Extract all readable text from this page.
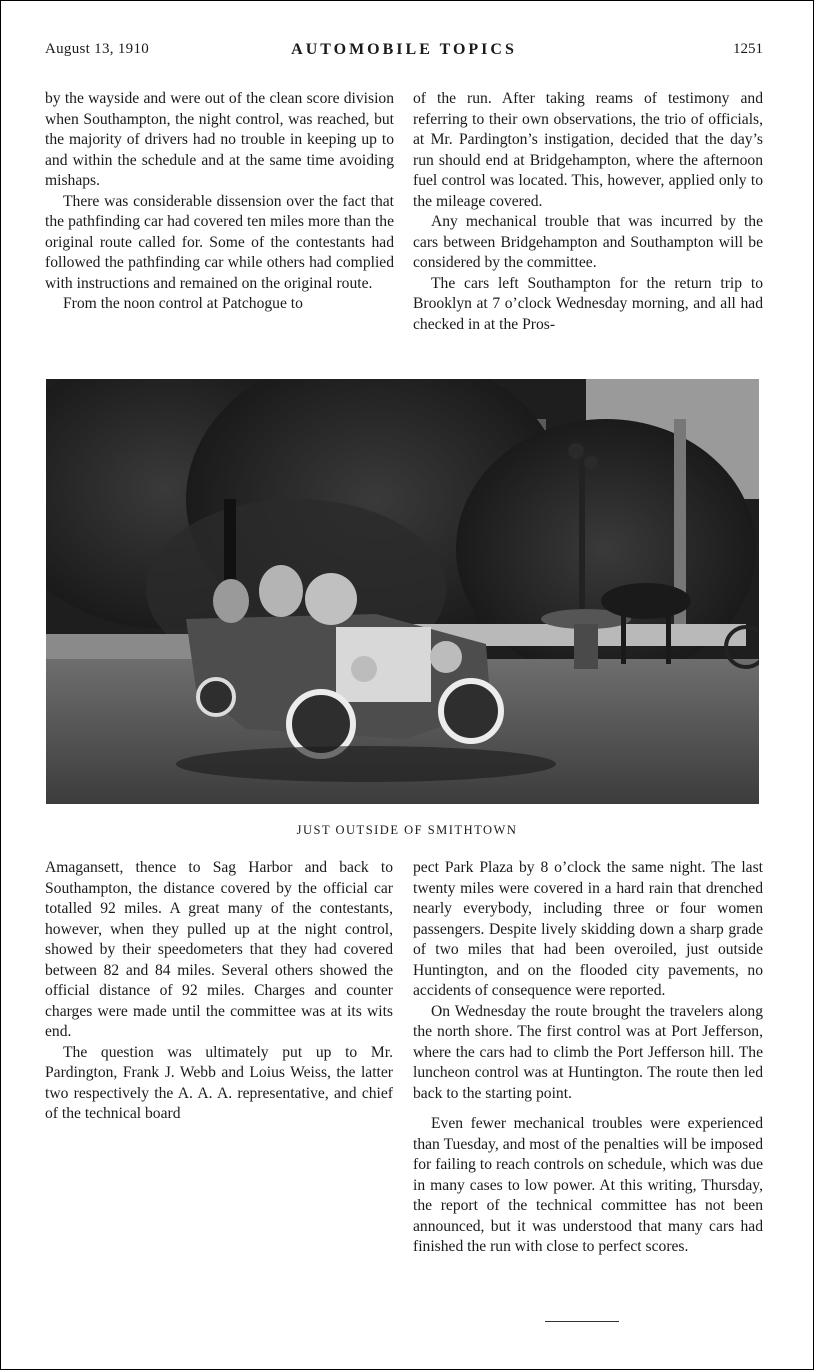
August 13, 1910	AUTOMOBILE TOPICS	1251

by the wayside and were out of the clean score division when Southampton, the night control, was reached, but the majority of drivers had no trouble in keeping up to and within the schedule and at the same time avoiding mishaps.

There was considerable dissension over the fact that the pathfinding car had covered ten miles more than the original route called for. Some of the contestants had followed the pathfinding car while others had complied with instructions and remained on the original route.

From the noon control at Patchogue to

of the run. After taking reams of testimony and referring to their own observations, the trio of officials, at Mr. Pardington’s instigation, decided that the day’s run should end at Bridgehampton, where the afternoon fuel control was located. This, however, applied only to the mileage covered.

Any mechanical trouble that was incurred by the cars between Bridgehampton and Southampton will be considered by the committee.

The cars left Southampton for the return trip to Brooklyn at 7 o’clock Wednesday morning, and all had checked in at the Pros-

JUST OUTSIDE OF SMITHTOWN

Amagansett, thence to Sag Harbor and back to Southampton, the distance covered by the official car totalled 92 miles. A great many of the contestants, however, when they pulled up at the night control, showed by their speedometers that they had covered between 82 and 84 miles. Several others showed the official distance of 92 miles. Charges and counter charges were made until the committee was at its wits end.

The question was ultimately put up to Mr. Pardington, Frank J. Webb and Loius Weiss, the latter two respectively the A. A. A. representative, and chief of the technical board

pect Park Plaza by 8 o’clock the same night. The last twenty miles were covered in a hard rain that drenched nearly everybody, including three or four women passengers. Despite lively skidding down a sharp grade of two miles that had been overoiled, just outside Huntington, and on the flooded city pavements, no accidents of consequence were reported.

On Wednesday the route brought the travelers along the north shore. The first control was at Port Jefferson, where the cars had to climb the Port Jefferson hill. The luncheon control was at Huntington. The route then led back to the starting point.

Even fewer mechanical troubles were experienced than Tuesday, and most of the penalties will be imposed for failing to reach controls on schedule, which was due in many cases to low power. At this writing, Thursday, the report of the technical committee has not been announced, but it was understood that many cars had finished the run with close to perfect scores.
